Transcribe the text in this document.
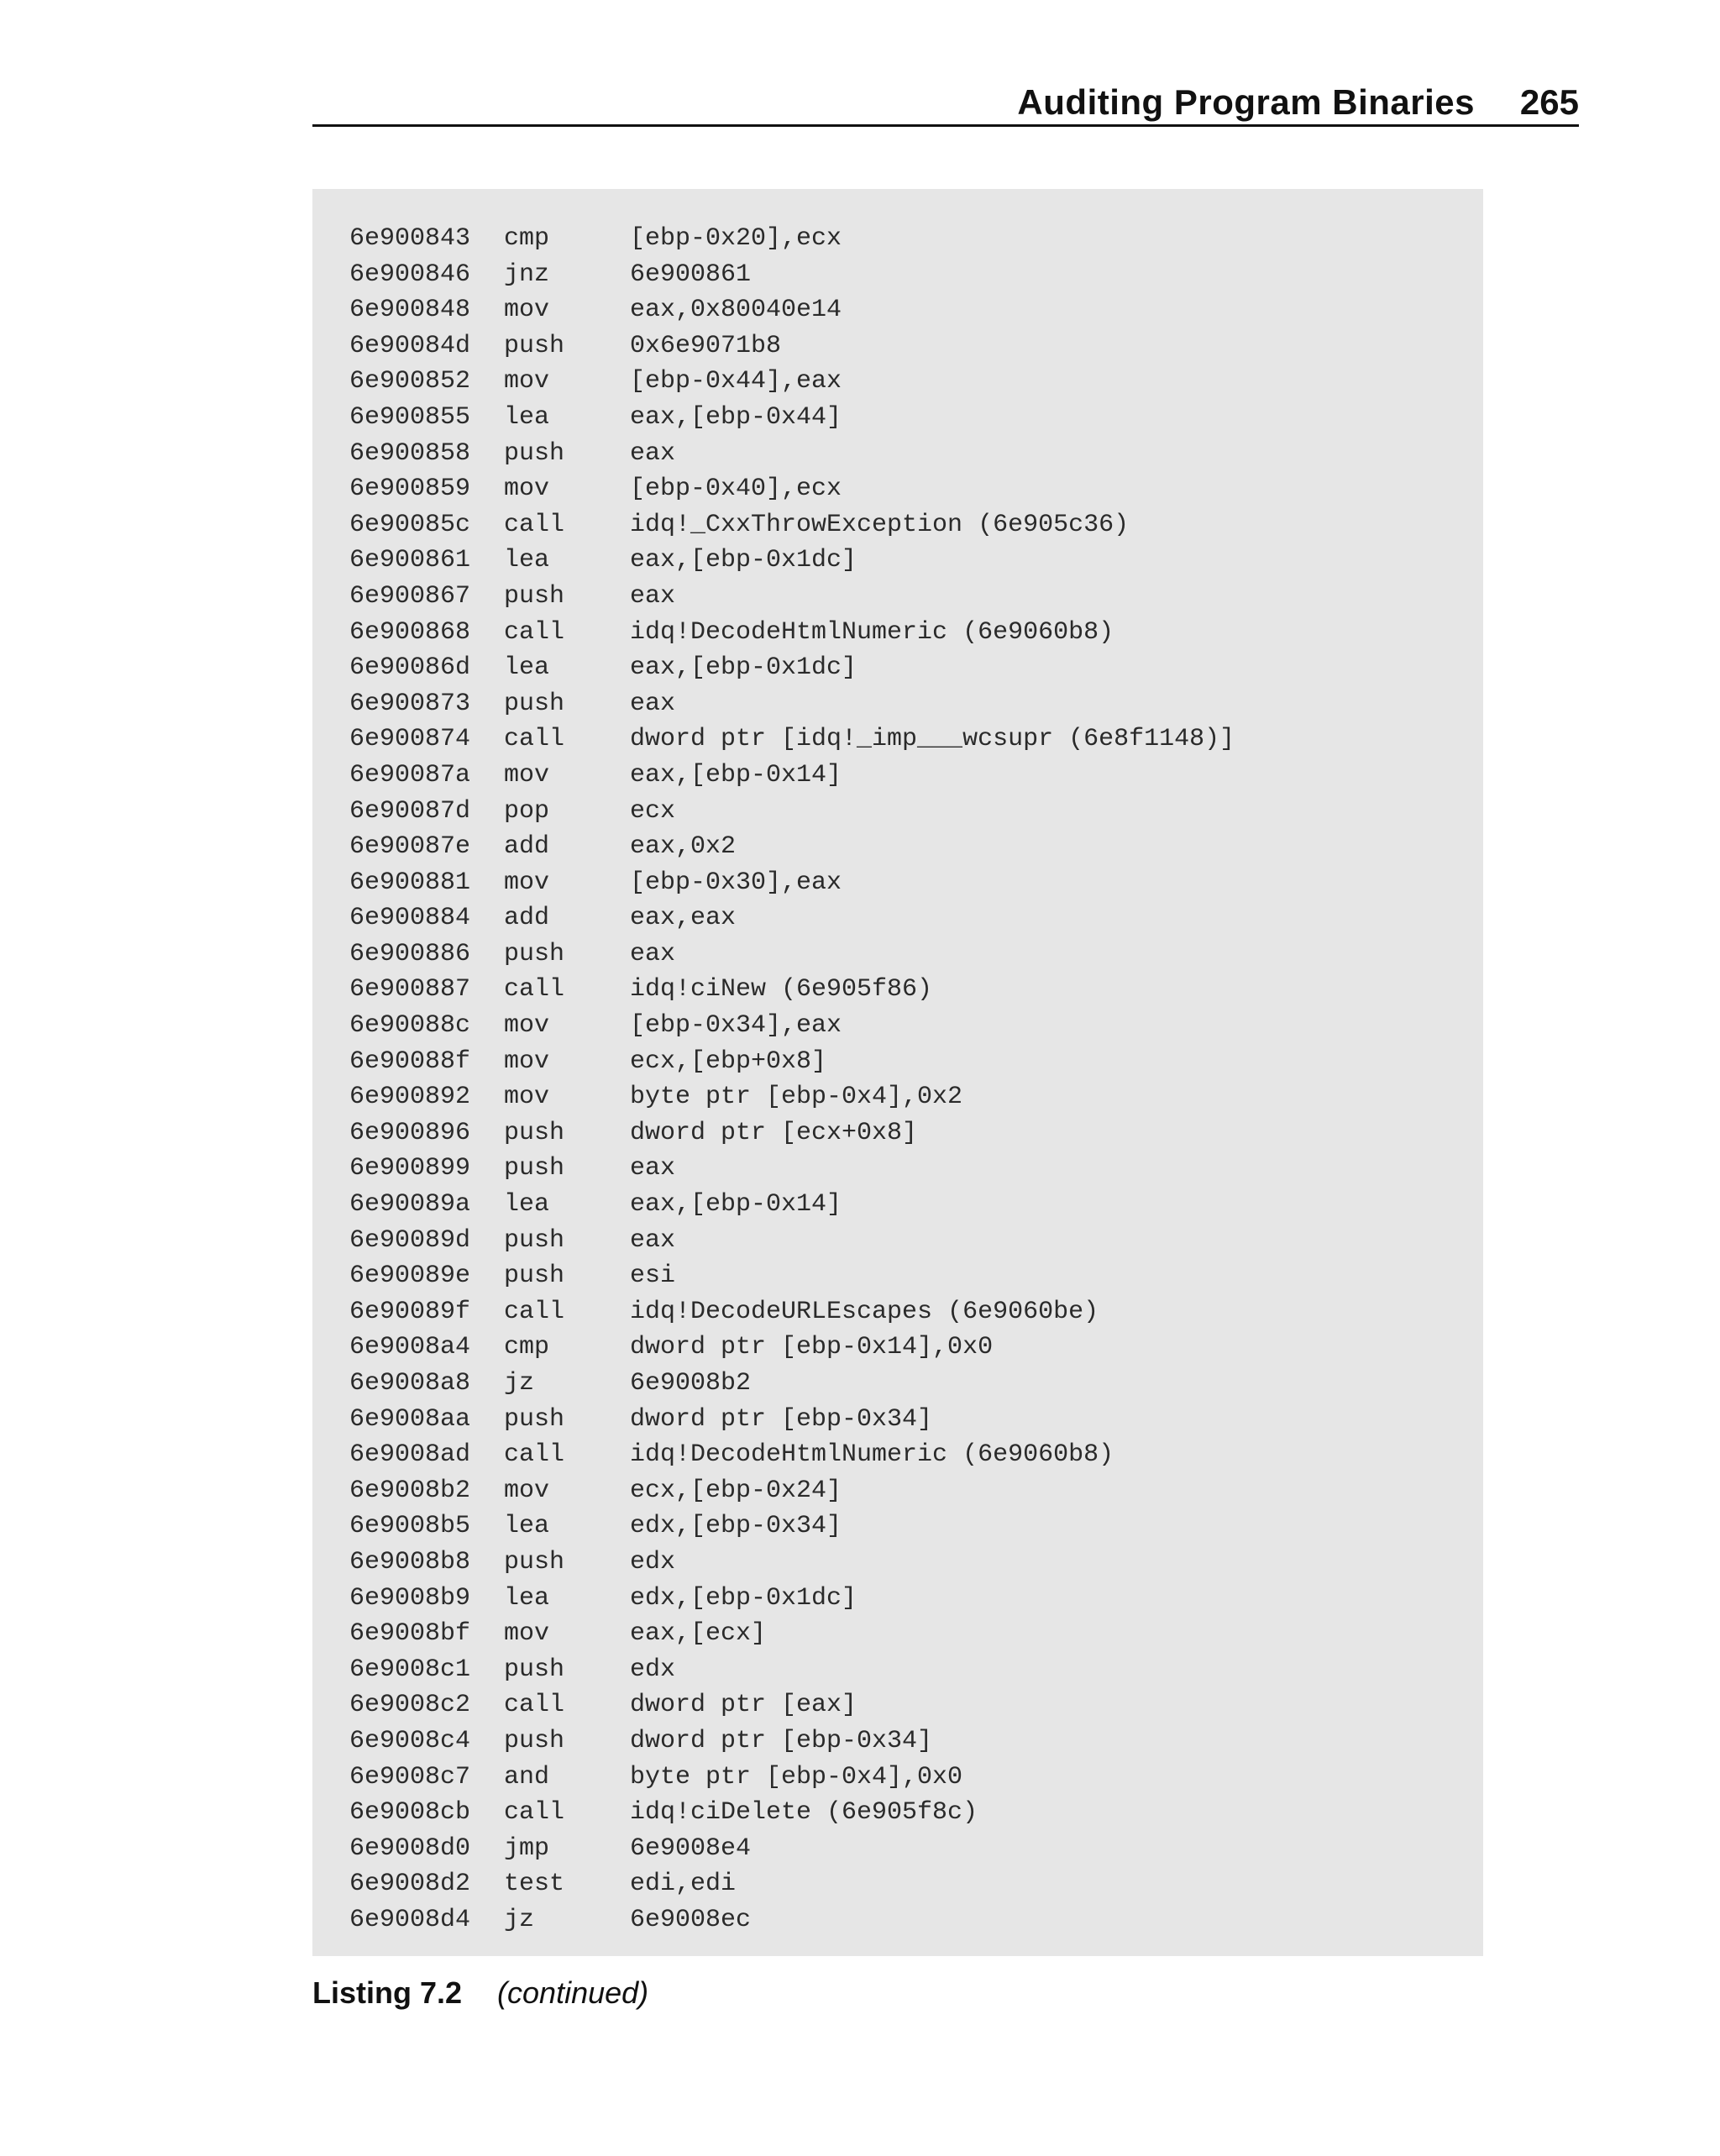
Auditing Program Binaries 265
6e900843 cmp	[ebp-0x20],ecx
6e900846 jnz	6e900861
6e900848 mov	eax,0x80040e14
6e90084d push	0x6e9071b8
6e900852 mov	[ebp-0x44],eax
6e900855 lea	eax,[ebp-0x44]
6e900858 push	eax
6e900859 mov	[ebp-0x40],ecx
6e90085c call	idq!_CxxThrowException (6e905c36)
6e900861 lea	eax,[ebp-0x1dc]
6e900867 push	eax
6e900868 call	idq!DecodeHtmlNumeric (6e9060b8)
6e90086d lea	eax,[ebp-0x1dc]
6e900873 push	eax
6e900874 call	dword ptr [idq!_imp___wcsupr (6e8f1148)]
6e90087a mov	eax,[ebp-0x14]
6e90087d pop	ecx
6e90087e add	eax,0x2
6e900881 mov	[ebp-0x30],eax
6e900884 add	eax,eax
6e900886 push	eax
6e900887 call	idq!ciNew (6e905f86)
6e90088c mov	[ebp-0x34],eax
6e90088f mov	ecx,[ebp+0x8]
6e900892 mov	byte ptr [ebp-0x4],0x2
6e900896 push	dword ptr [ecx+0x8]
6e900899 push	eax
6e90089a lea	eax,[ebp-0x14]
6e90089d push	eax
6e90089e push	esi
6e90089f call	idq!DecodeURLEscapes (6e9060be)
6e9008a4 cmp	dword ptr [ebp-0x14],0x0
6e9008a8 jz	6e9008b2
6e9008aa push	dword ptr [ebp-0x34]
6e9008ad call	idq!DecodeHtmlNumeric (6e9060b8)
6e9008b2 mov	ecx,[ebp-0x24]
6e9008b5 lea	edx,[ebp-0x34]
6e9008b8 push	edx
6e9008b9 lea	edx,[ebp-0x1dc]
6e9008bf mov	eax,[ecx]
6e9008c1 push	edx
6e9008c2 call	dword ptr [eax]
6e9008c4 push	dword ptr [ebp-0x34]
6e9008c7 and	byte ptr [ebp-0x4],0x0
6e9008cb call	idq!ciDelete (6e905f8c)
6e9008d0 jmp	6e9008e4
6e9008d2 test	edi,edi
6e9008d4 jz	6e9008ec
Listing 7.2 (continued)
